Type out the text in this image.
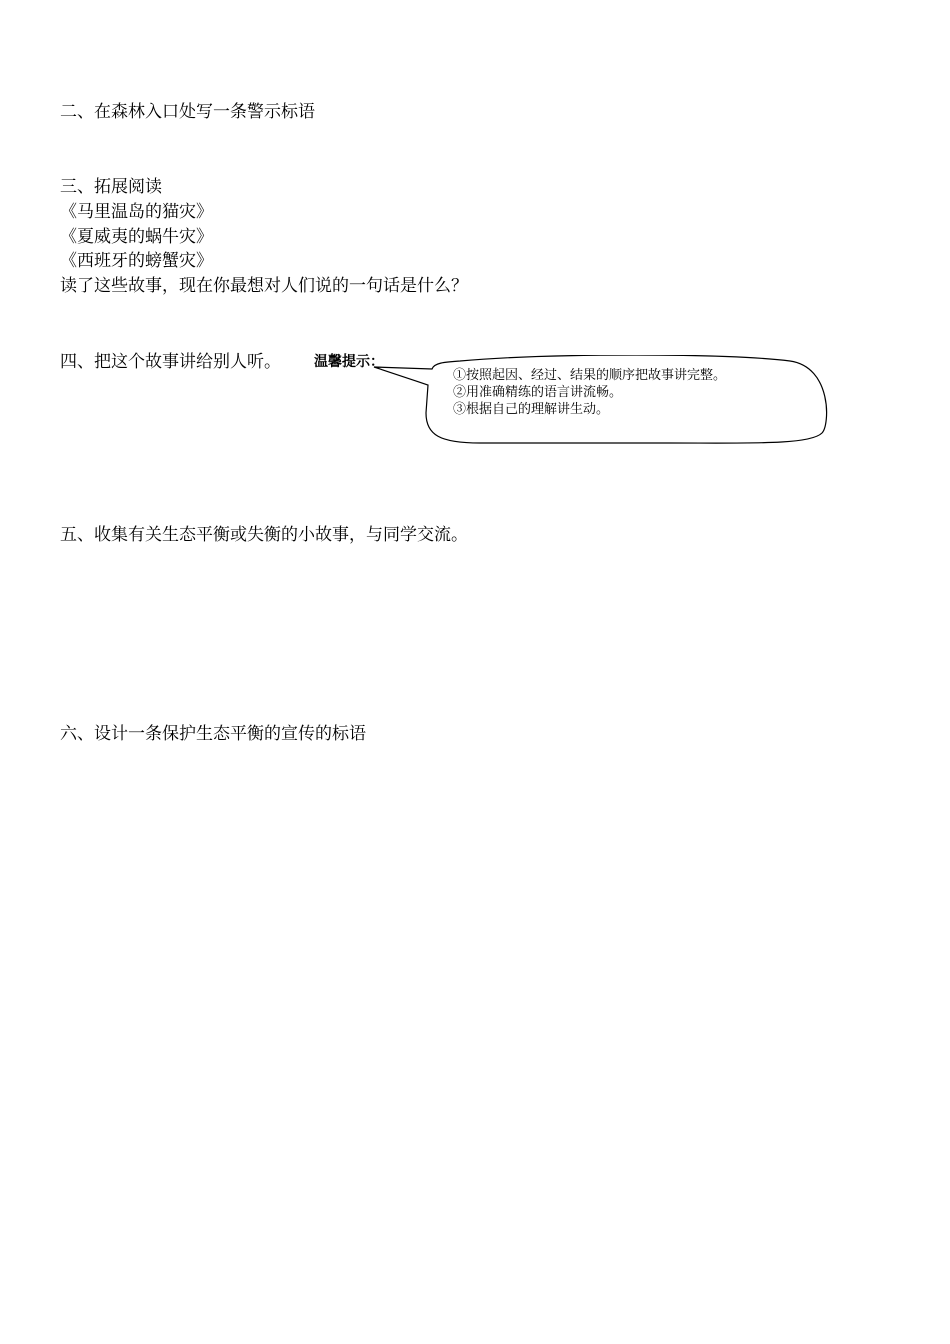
二、在森林入口处写一条警示标语
三、拓展阅读
《马里温岛的猫灾》
《夏威夷的蜗牛灾》
《西班牙的螃蟹灾》
读了这些故事，现在你最想对人们说的一句话是什么？
四、把这个故事讲给别人听。 温馨提示：
①按照起因、经过、结果的顺序把故事讲完整。
②用准确精练的语言讲流畅。
③根据自己的理解讲生动。
五、收集有关生态平衡或失衡的小故事，与同学交流。
六、设计一条保护生态平衡的宣传的标语
